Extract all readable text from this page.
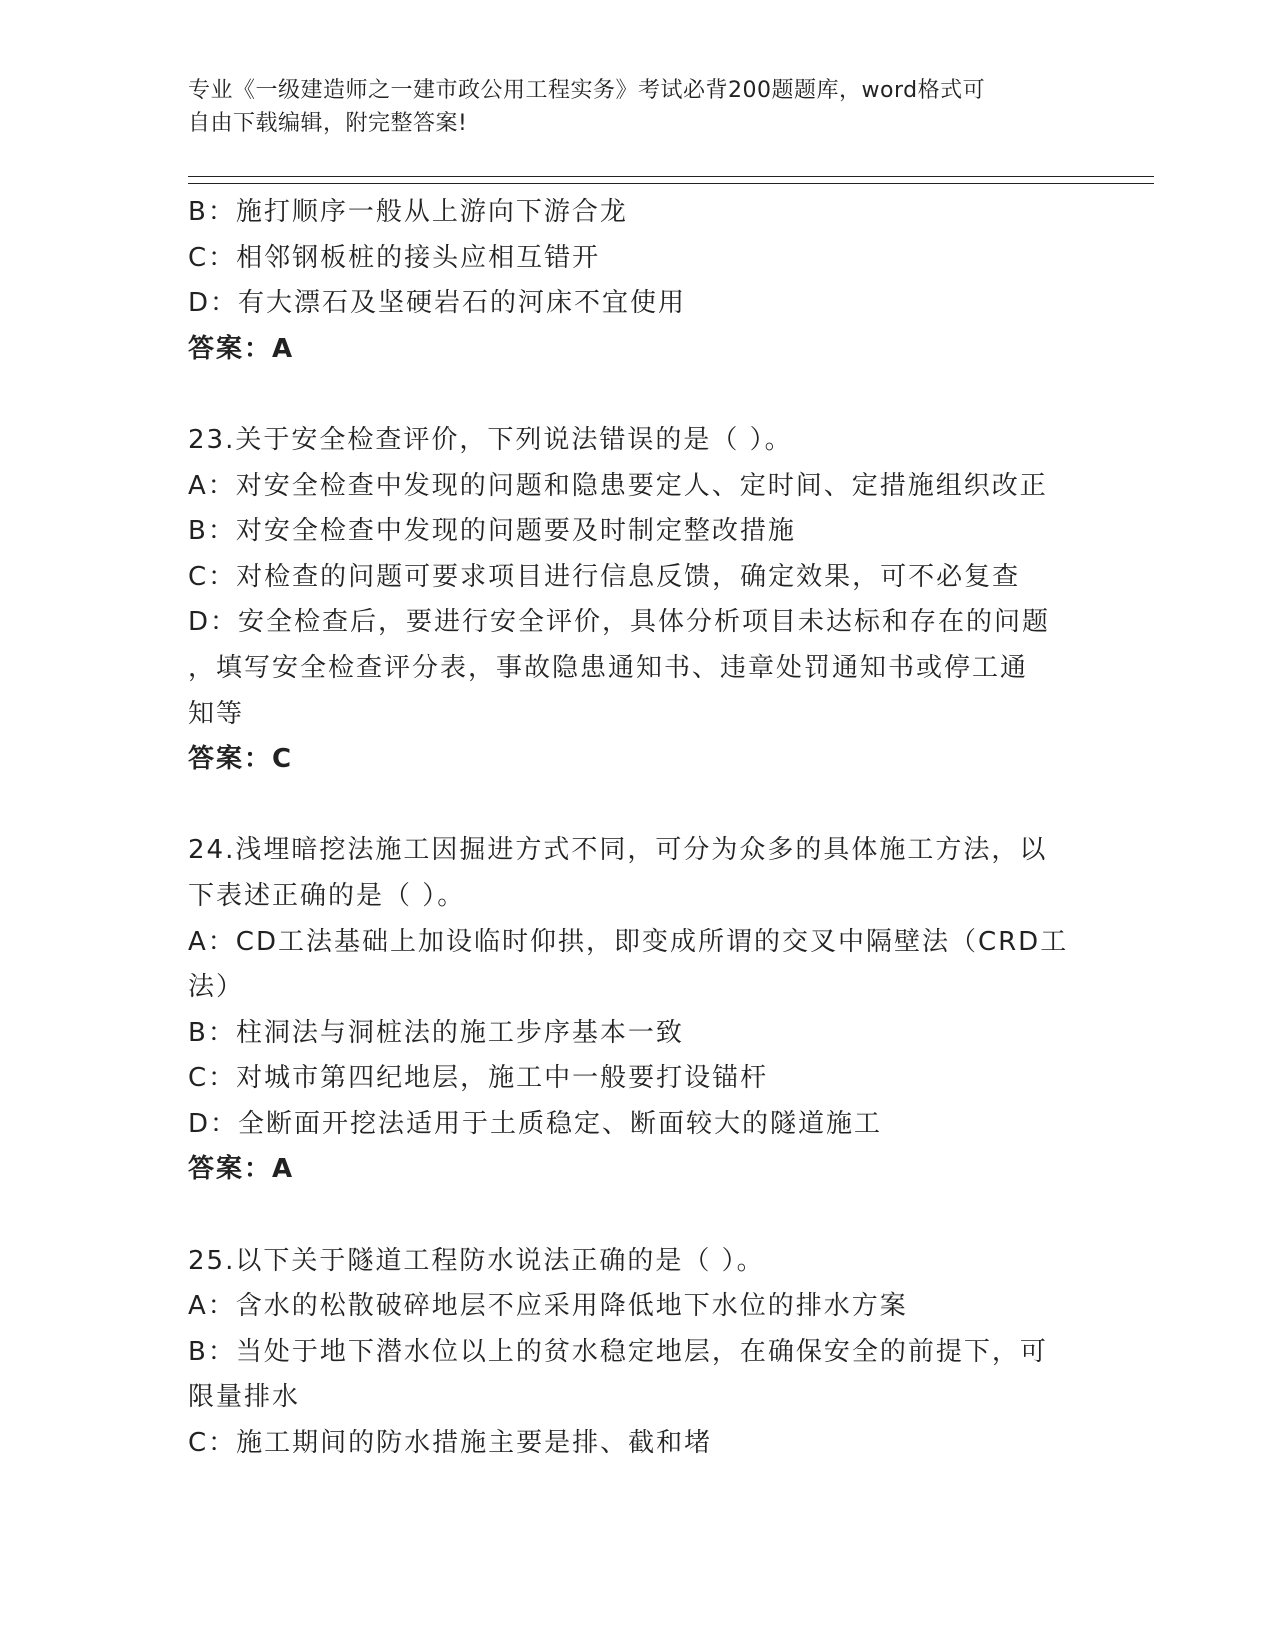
专业《一级建造师之一建市政公用工程实务》考试必背200题题库，word格式可
自由下载编辑，附完整答案!
B：施打顺序一般从上游向下游合龙
C：相邻钢板桩的接头应相互错开
D：有大漂石及坚硬岩石的河床不宜使用
答案：A
23.关于安全检查评价，下列说法错误的是（ ）。
A：对安全检查中发现的问题和隐患要定人、定时间、定措施组织改正
B：对安全检查中发现的问题要及时制定整改措施
C：对检查的问题可要求项目进行信息反馈，确定效果，可不必复查
D：安全检查后，要进行安全评价，具体分析项目未达标和存在的问题
，填写安全检查评分表，事故隐患通知书、违章处罚通知书或停工通
知等
答案：C
24.浅埋暗挖法施工因掘进方式不同，可分为众多的具体施工方法，以
下表述正确的是（ ）。
A：CD工法基础上加设临时仰拱，即变成所谓的交叉中隔壁法（CRD工
法）
B：柱洞法与洞桩法的施工步序基本一致
C：对城市第四纪地层，施工中一般要打设锚杆
D：全断面开挖法适用于土质稳定、断面较大的隧道施工
答案：A
25.以下关于隧道工程防水说法正确的是（ ）。
A：含水的松散破碎地层不应采用降低地下水位的排水方案
B：当处于地下潜水位以上的贫水稳定地层，在确保安全的前提下，可
限量排水
C：施工期间的防水措施主要是排、截和堵
